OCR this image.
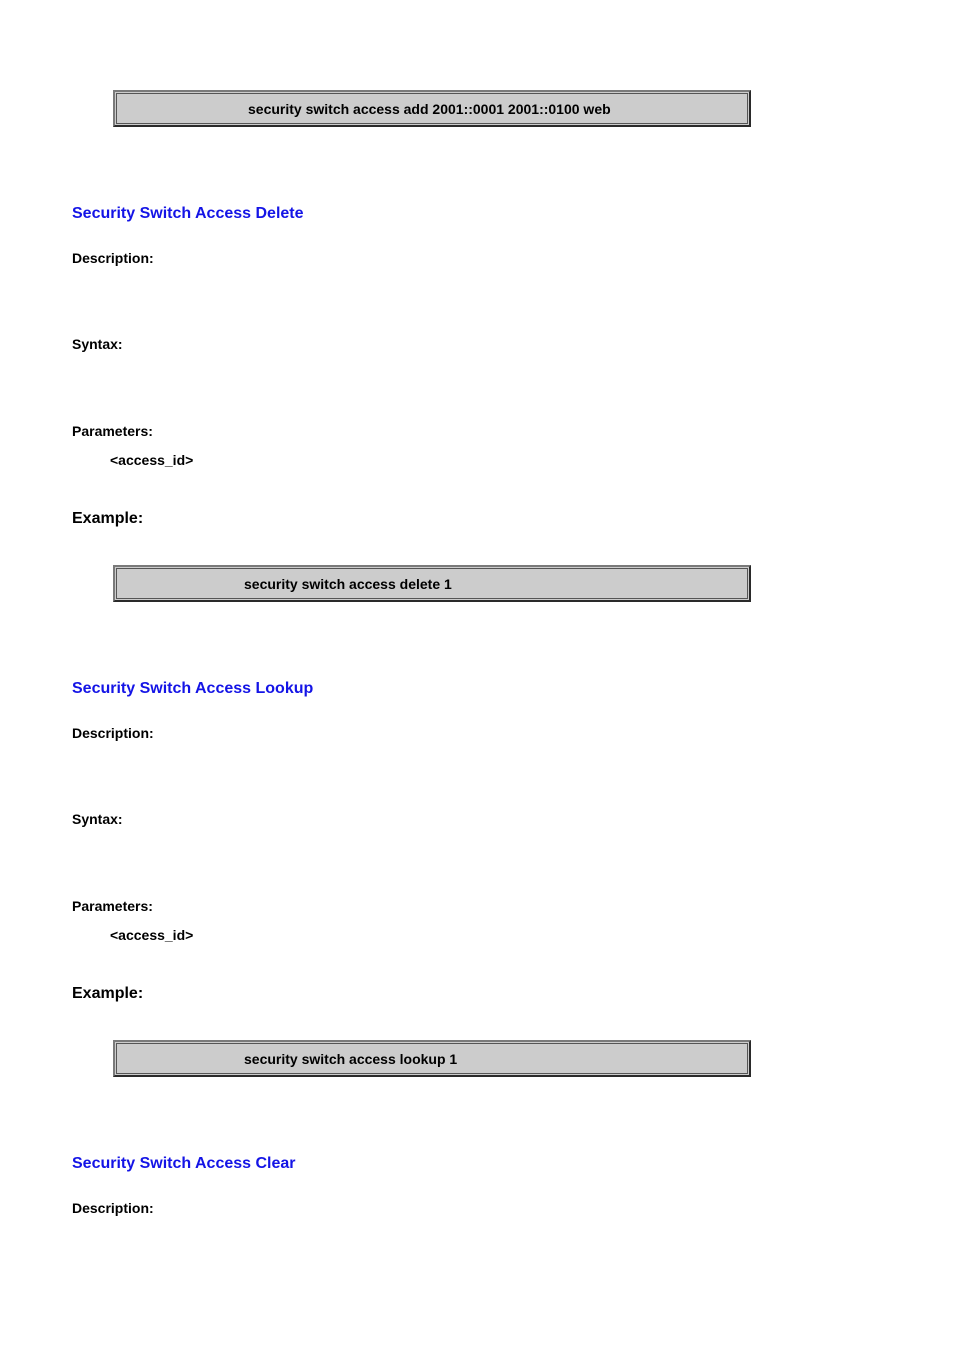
security switch access add 2001::0001 2001::0100 web
Security Switch Access Delete
Description:
Syntax:
Parameters:
<access_id>
Example:
security switch access delete 1
Security Switch Access Lookup
Description:
Syntax:
Parameters:
<access_id>
Example:
security switch access lookup 1
Security Switch Access Clear
Description:
